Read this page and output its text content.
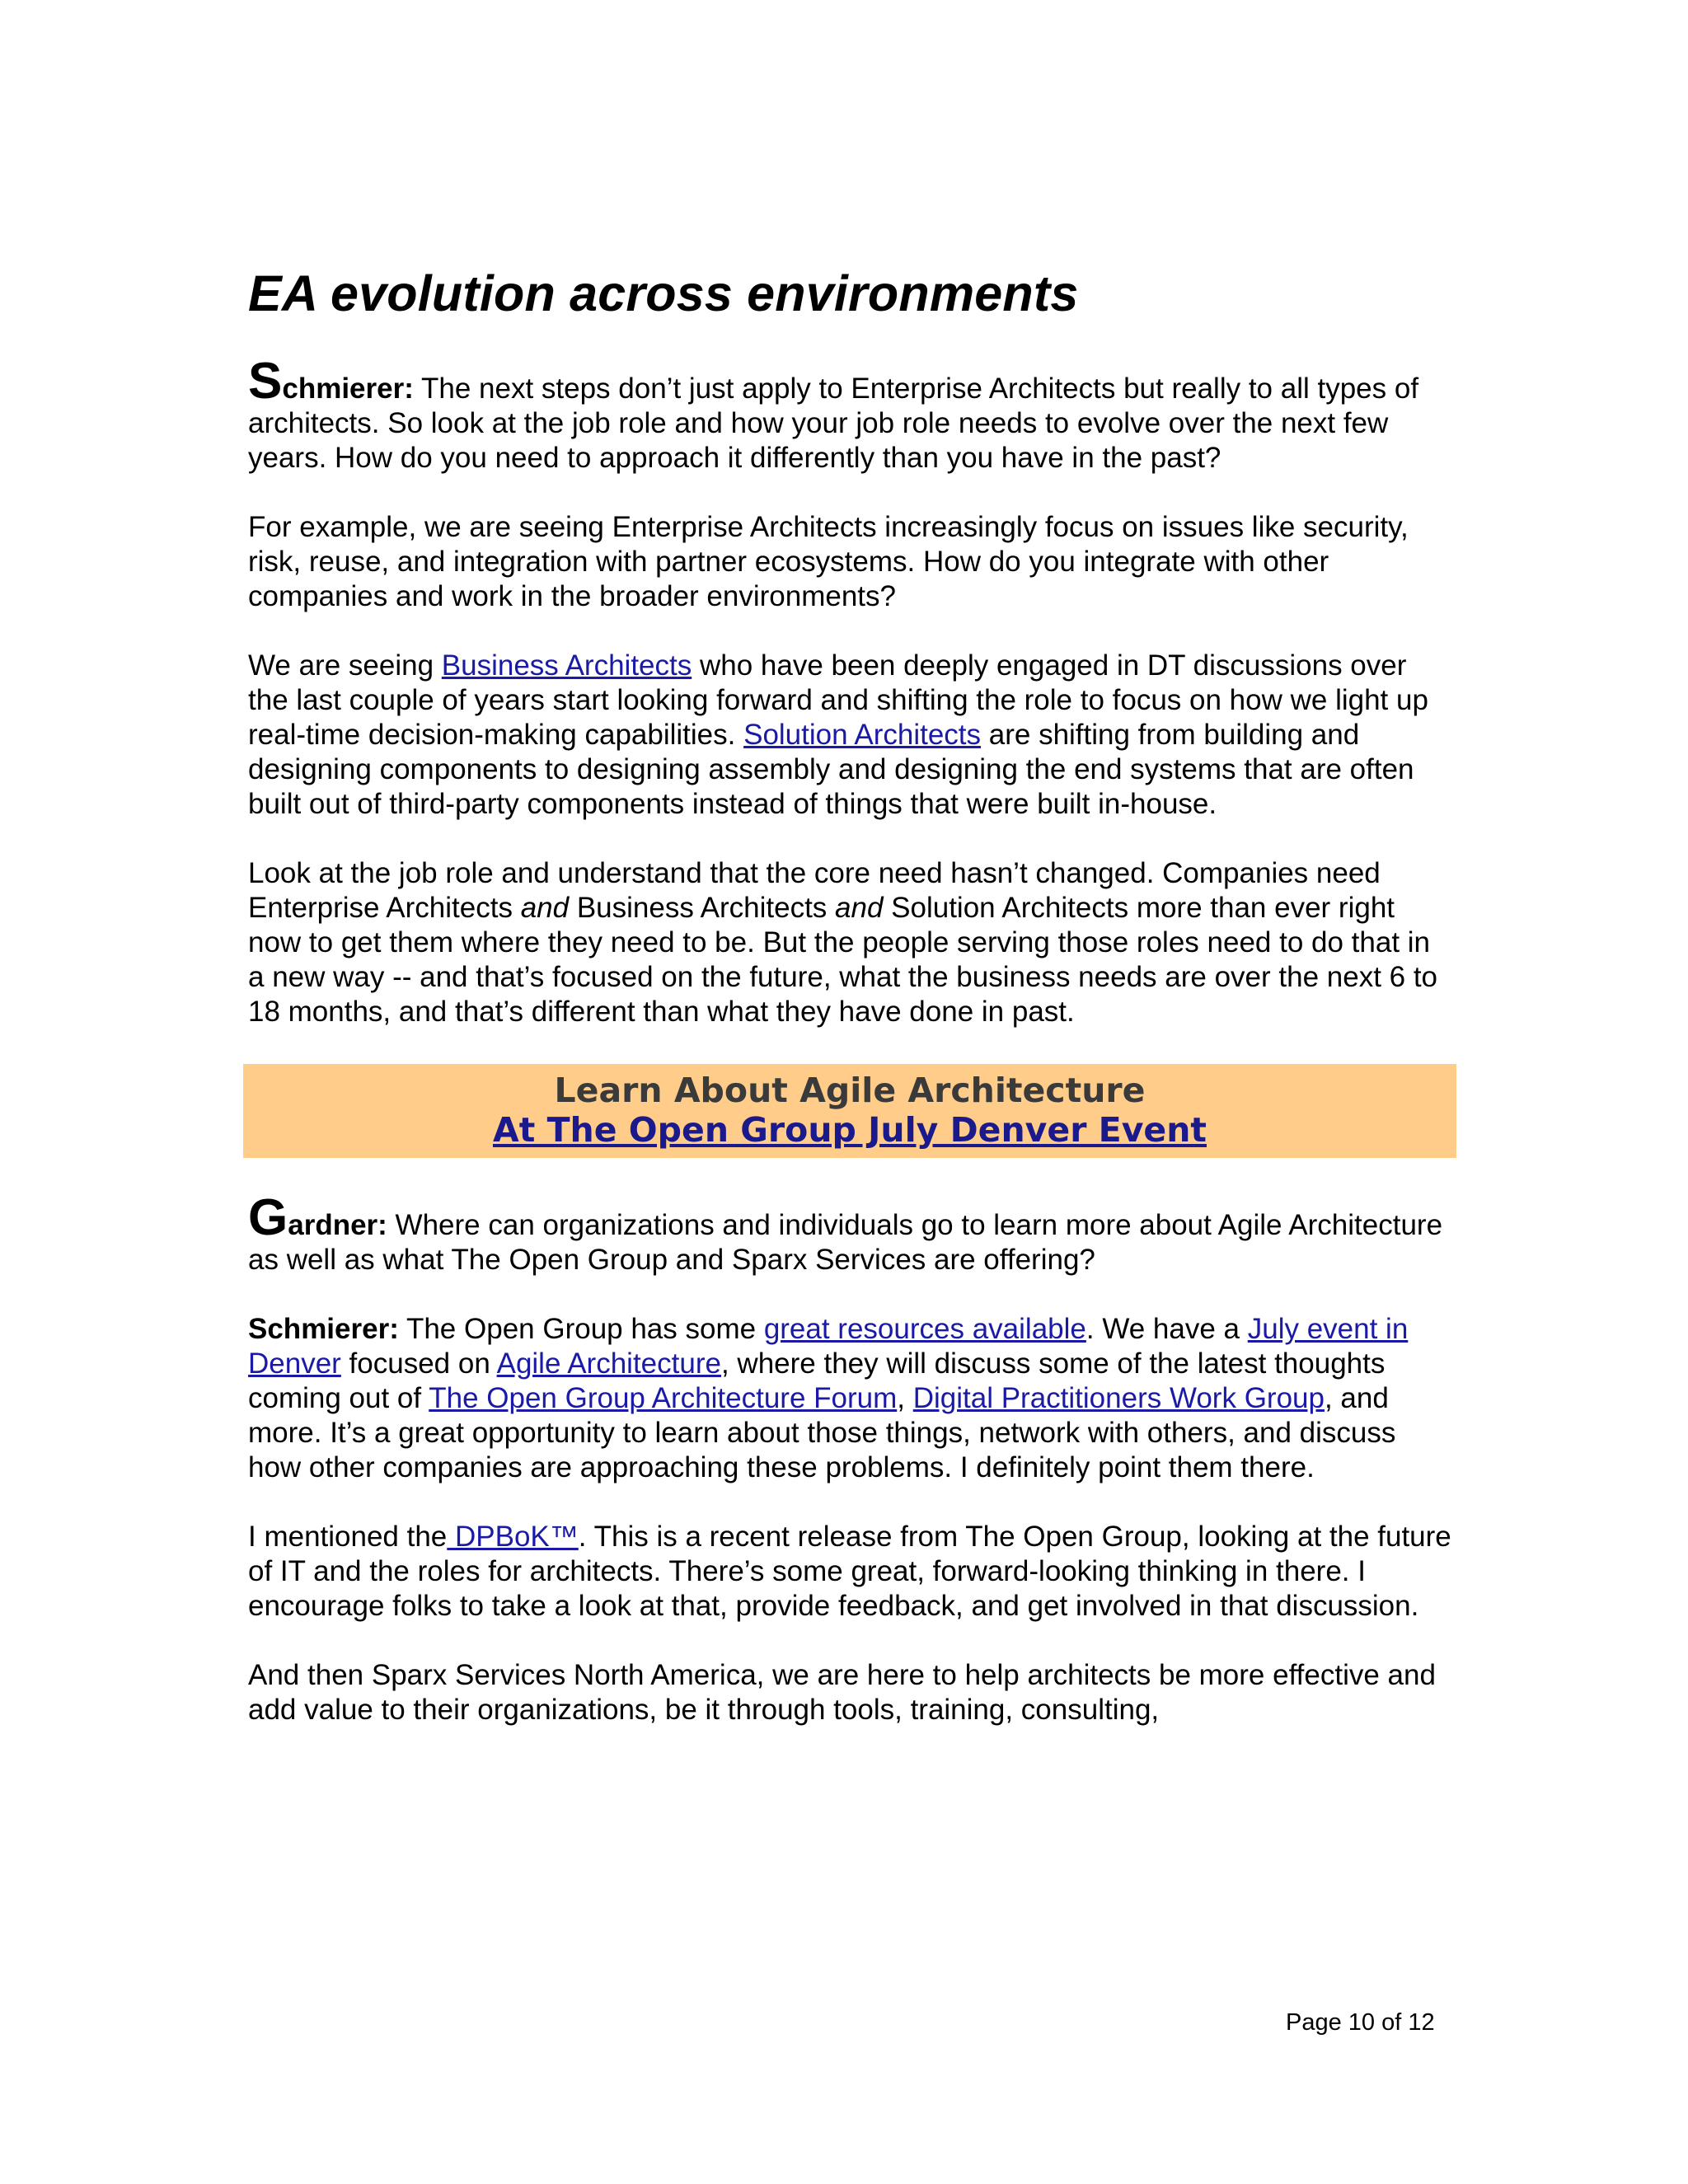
EA evolution across environments

Schmierer: The next steps don’t just apply to Enterprise Architects but really to all types of architects. So look at the job role and how your job role needs to evolve over the next few years. How do you need to approach it differently than you have in the past?

For example, we are seeing Enterprise Architects increasingly focus on issues like security, risk, reuse, and integration with partner ecosystems. How do you integrate with other companies and work in the broader environments?

We are seeing Business Architects who have been deeply engaged in DT discussions over the last couple of years start looking forward and shifting the role to focus on how we light up real-time decision-making capabilities. Solution Architects are shifting from building and designing components to designing assembly and designing the end systems that are often built out of third-party components instead of things that were built in-house.

Look at the job role and understand that the core need hasn’t changed. Companies need Enterprise Architects and Business Architects and Solution Architects more than ever right now to get them where they need to be. But the people serving those roles need to do that in a new way -- and that’s focused on the future, what the business needs are over the next 6 to 18 months, and that’s different than what they have done in past.

Learn About Agile Architecture
At The Open Group July Denver Event

Gardner: Where can organizations and individuals go to learn more about Agile Architecture as well as what The Open Group and Sparx Services are offering?

Schmierer: The Open Group has some great resources available. We have a July event in Denver focused on Agile Architecture, where they will discuss some of the latest thoughts coming out of The Open Group Architecture Forum, Digital Practitioners Work Group, and more. It’s a great opportunity to learn about those things, network with others, and discuss how other companies are approaching these problems. I definitely point them there.

I mentioned the DPBoK™. This is a recent release from The Open Group, looking at the future of IT and the roles for architects. There’s some great, forward-looking thinking in there. I encourage folks to take a look at that, provide feedback, and get involved in that discussion.

And then Sparx Services North America, we are here to help architects be more effective and add value to their organizations, be it through tools, training, consulting,

Page 10 of 12
